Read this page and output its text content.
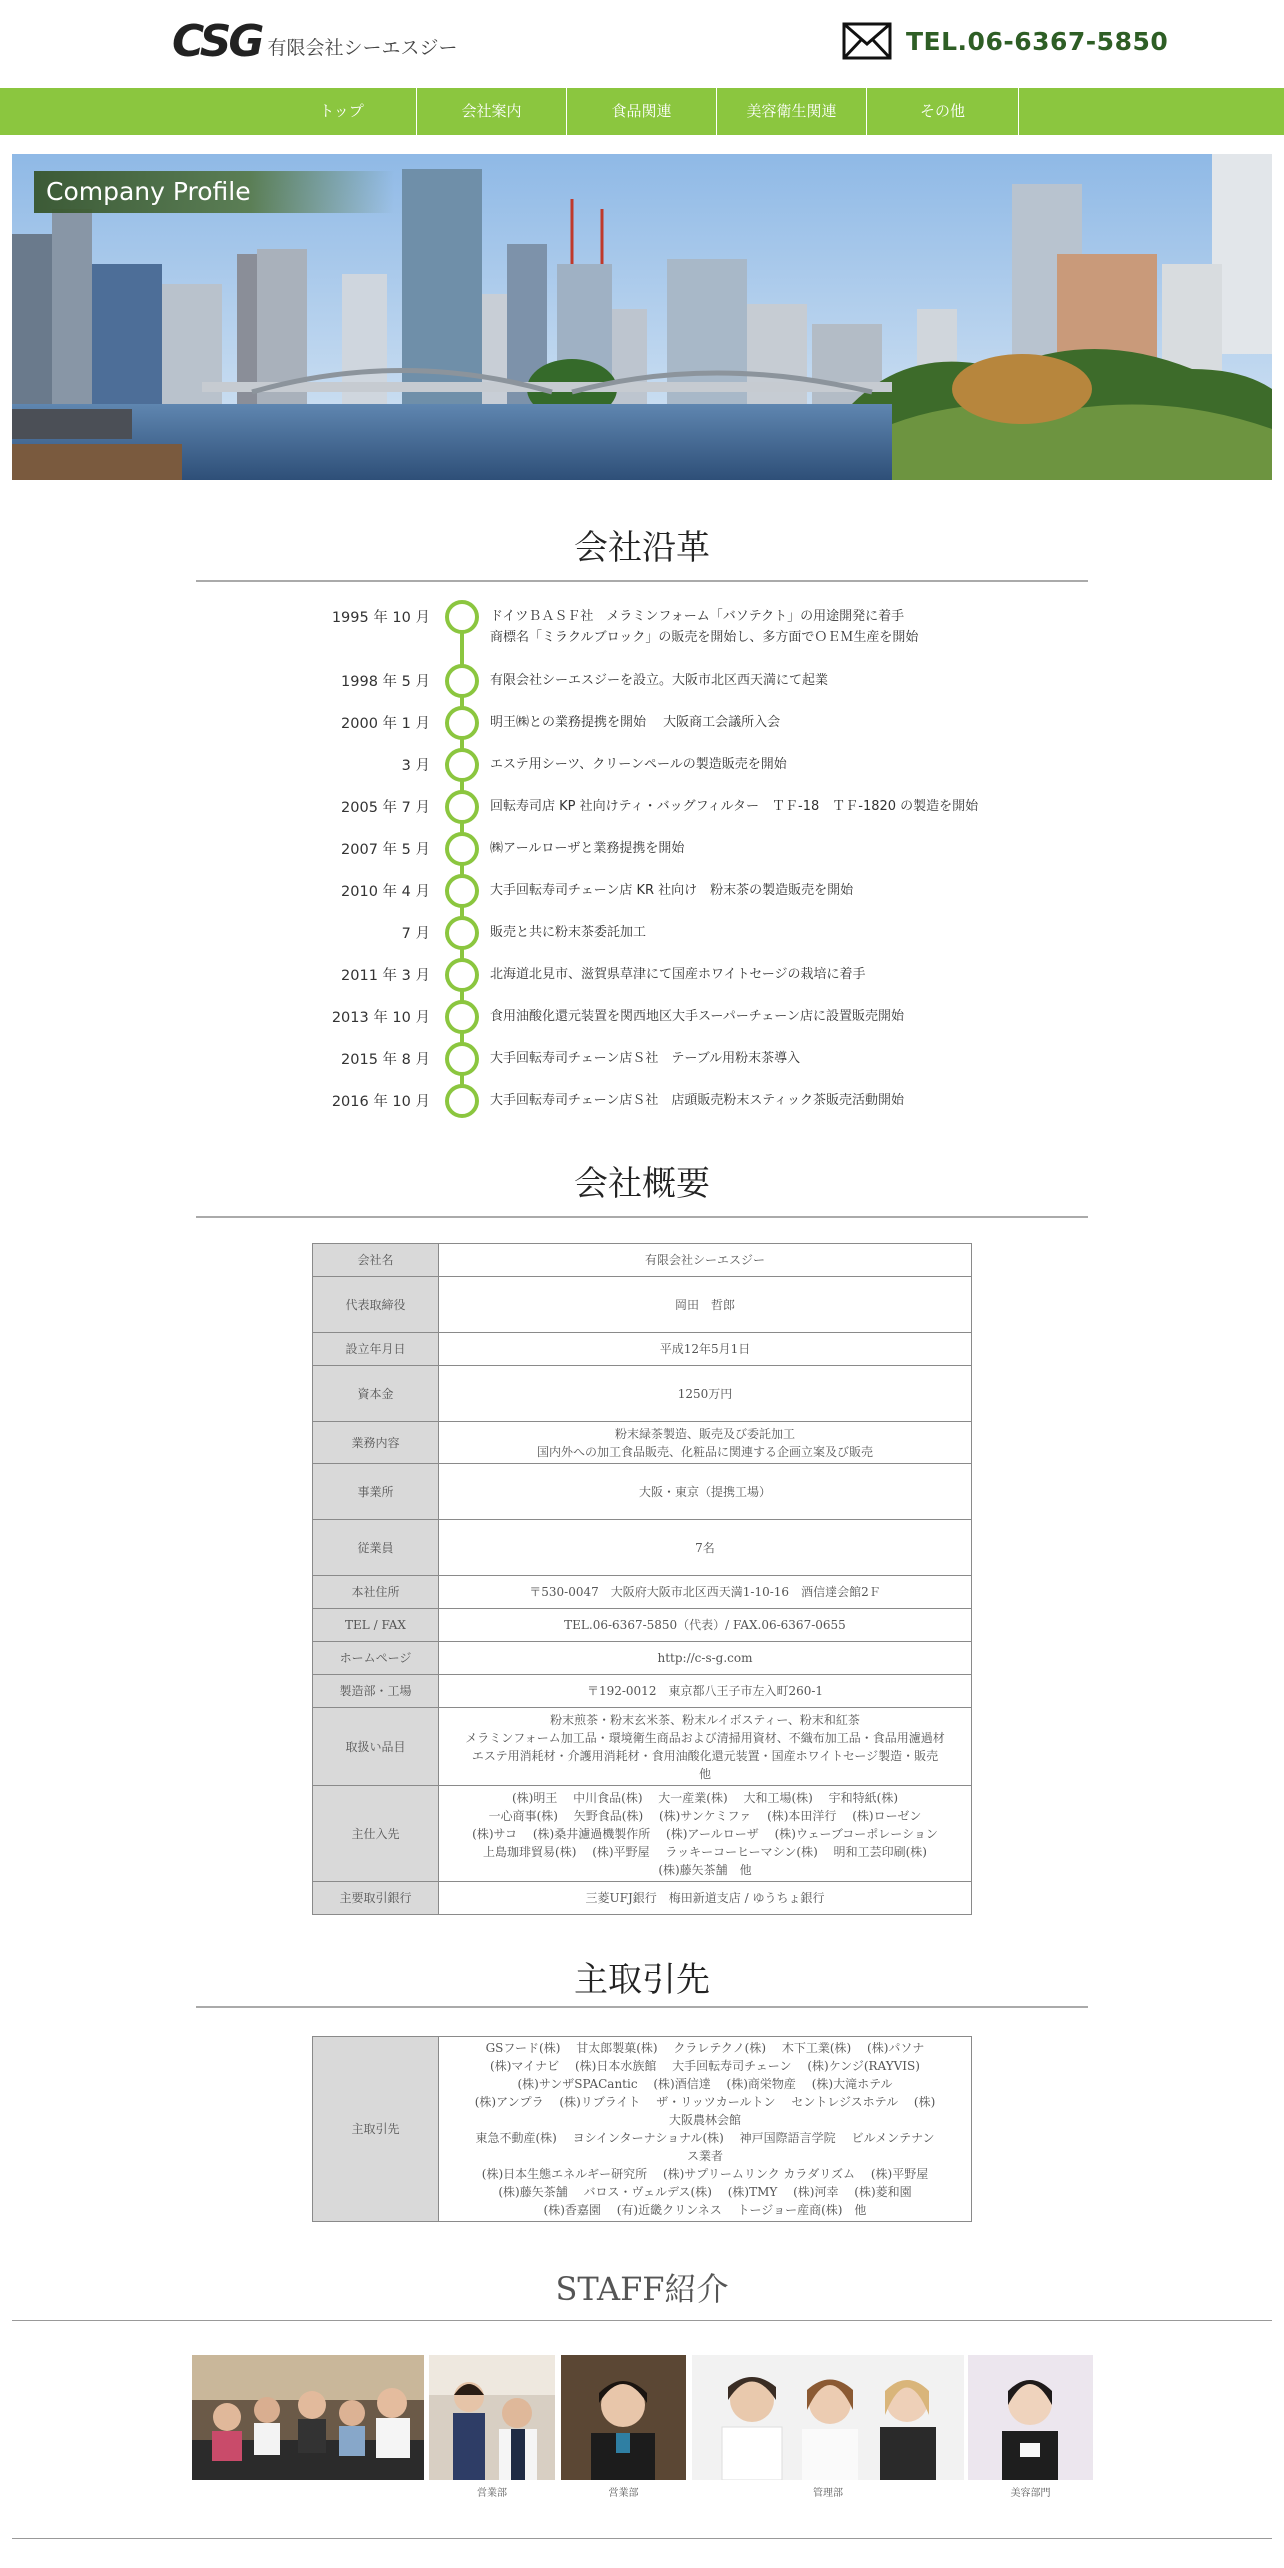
CSG 有限会社シーエスジー	TEL.06-6367-5850
トップ	会社案内	食品関連	美容衛生関連	その他
Company Profile
会社沿革
1995 年 10 月	ドイツＢＡＳＦ社　メラミンフォーム「バソテクト」の用途開発に着手
商標名「ミラクルブロック」の販売を開始し、多方面でＯＥＭ生産を開始
1998 年 5 月	有限会社シーエスジーを設立。大阪市北区西天満にて起業
2000 年 1 月	明王㈱との業務提携を開始　 大阪商工会議所入会
3 月	エステ用シーツ、クリーンペールの製造販売を開始
2005 年 7 月	回転寿司店 KP 社向けティ・バッグフィルター　ＴＦ-18　ＴＦ-1820 の製造を開始
2007 年 5 月	㈱アールローザと業務提携を開始
2010 年 4 月	大手回転寿司チェーン店 KR 社向け　粉末茶の製造販売を開始
7 月	販売と共に粉末茶委託加工
2011 年 3 月	北海道北見市、滋賀県草津にて国産ホワイトセージの栽培に着手
2013 年 10 月	食用油酸化還元装置を関西地区大手スーパーチェーン店に設置販売開始
2015 年 8 月	大手回転寿司チェーン店Ｓ社　テーブル用粉末茶導入
2016 年 10 月	大手回転寿司チェーン店Ｓ社　店頭販売粉末スティック茶販売活動開始
会社概要
会社名	有限会社シーエスジー
代表取締役	岡田　哲郎
設立年月日	平成12年5月1日
資本金	1250万円
業務内容	粉末緑茶製造、販売及び委託加工
国内外への加工食品販売、化粧品に関連する企画立案及び販売
事業所	大阪・東京（提携工場）
従業員	7名
本社住所	〒530-0047　大阪府大阪市北区西天満1-10-16　酒信達会館2Ｆ
TEL / FAX	TEL.06-6367-5850（代表）/ FAX.06-6367-0655
ホームページ	http://c-s-g.com
製造部・工場	〒192-0012　東京都八王子市左入町260-1
取扱い品目	粉末煎茶・粉末玄米茶、粉末ルイボスティー、粉末和紅茶
メラミンフォーム加工品・環境衛生商品および清掃用資材、不織布加工品・食品用濾過材
エステ用消耗材・介護用消耗材・食用油酸化還元装置・国産ホワイトセージ製造・販売
他
主仕入先	(株)明王　 中川食品(株)　 大一産業(株)　 大和工場(株)　 宇和特紙(株)
一心商事(株)　 矢野食品(株)　 (株)サンケミファ　 (株)本田洋行　 (株)ローゼン
(株)サコ　 (株)桑井濾過機製作所　 (株)アールローザ　 (株)ウェーブコーポレーション
上島珈琲貿易(株)　 (株)平野屋　 ラッキーコーヒーマシン(株)　 明和工芸印刷(株)
(株)藤矢茶舗　他
主要取引銀行	三菱UFJ銀行　梅田新道支店 / ゆうちょ銀行
主取引先
主取引先	GSフード(株)　 甘太郎製菓(株)　 クラレテクノ(株)　 木下工業(株)　 (株)パソナ
(株)マイナビ　 (株)日本水族館　 大手回転寿司チェーン　 (株)ケンジ(RAYVIS)
(株)サンザSPACantic　 (株)酒信達　 (株)商栄物産　 (株)大滝ホテル
(株)アンプラ　 (株)リブライト　 ザ・リッツカールトン　 セントレジスホテル　 (株)
大阪農林会館
東急不動産(株)　 ヨシインターナショナル(株)　 神戸国際語言学院　 ビルメンテナン
ス業者
(株)日本生態エネルギー研究所　 (株)サプリームリンク カラダリズム　 (株)平野屋
(株)藤矢茶舗　 バロス・ヴェルデス(株)　 (株)TMY　 (株)河幸　 (株)菱和園
(株)香嘉園　 (有)近畿クリンネス　 トージョー産商(株)　他
STAFF紹介
営業部	営業部	管理部	美容部門
